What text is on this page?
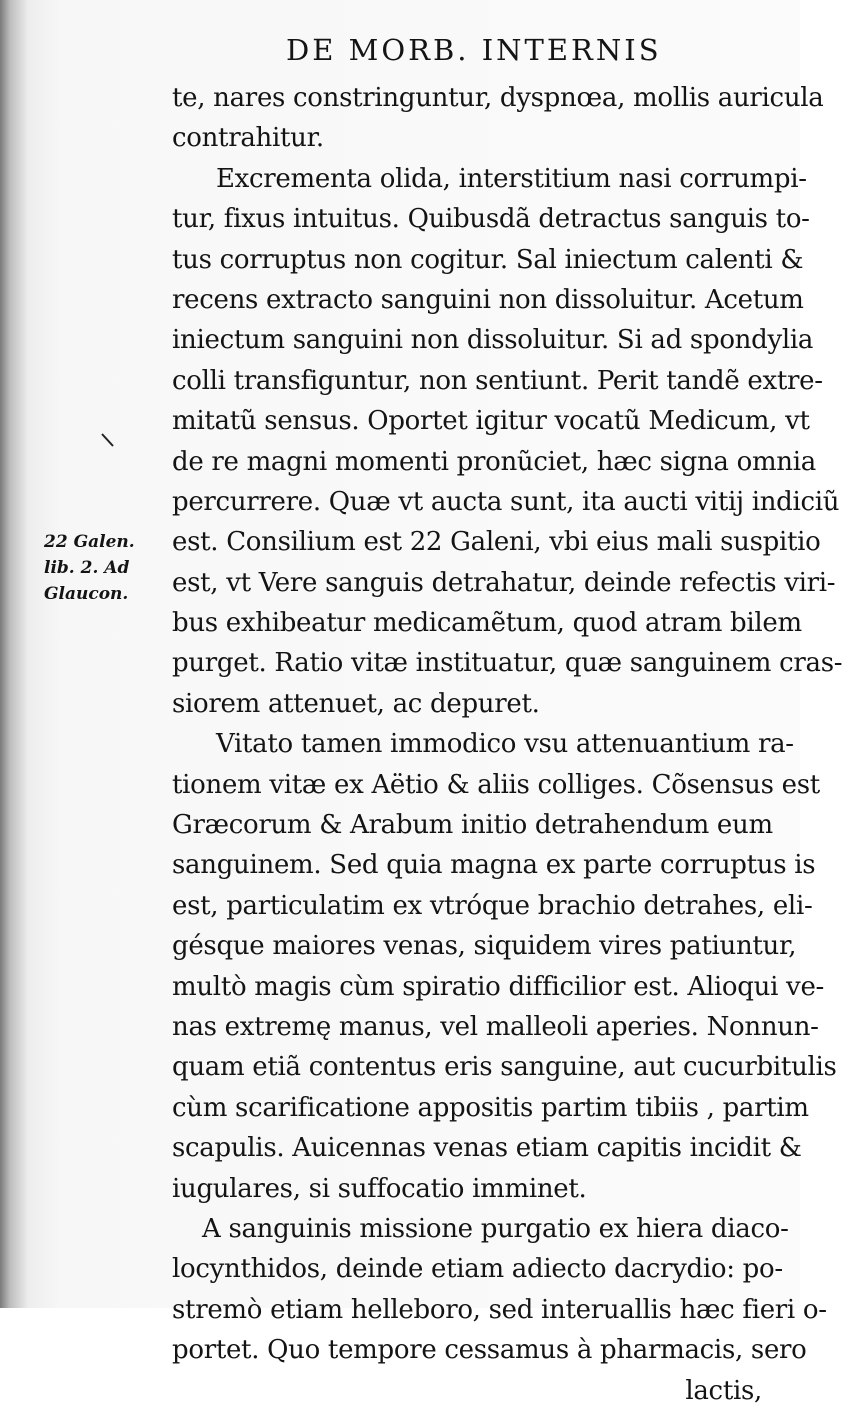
DE MORB. INTERNIS
22 Galen.
lib. 2. Ad
Glaucon.
te, nares constringuntur, dyspnœa, mollis auricula
contrahitur.
Excrementa olida, interstitium nasi corrumpi-
tur, fixus intuitus. Quibusdã detractus sanguis to-
tus corruptus non cogitur. Sal iniectum calenti &
recens extracto sanguini non dissoluitur. Acetum
iniectum sanguini non dissoluitur. Si ad spondylia
colli transfiguntur, non sentiunt. Perit tandẽ extre-
mitatũ sensus. Oportet igitur vocatũ Medicum, vt
de re magni momenti pronũciet, hæc signa omnia
percurrere. Quæ vt aucta sunt, ita aucti vitij indiciũ
est. Consilium est 22 Galeni, vbi eius mali suspitio
est, vt Vere sanguis detrahatur, deinde refectis viri-
bus exhibeatur medicamẽtum, quod atram bilem
purget. Ratio vitæ instituatur, quæ sanguinem cras-
siorem attenuet, ac depuret.
Vitato tamen immodico vsu attenuantium ra-
tionem vitæ ex Aëtio & aliis colliges. Cõsensus est
Græcorum & Arabum initio detrahendum eum
sanguinem. Sed quia magna ex parte corruptus is
est, particulatim ex vtróque brachio detrahes, eli-
gésque maiores venas, siquidem vires patiuntur,
multò magis cùm spiratio difficilior est. Alioqui ve-
nas extremę manus, vel malleoli aperies. Nonnun-
quam etiã contentus eris sanguine, aut cucurbitulis
cùm scarificatione appositis partim tibiis , partim
scapulis. Auicennas venas etiam capitis incidit &
iugulares, si suffocatio imminet.
A sanguinis missione purgatio ex hiera diaco-
locynthidos, deinde etiam adiecto dacrydio: po-
stremò etiam helleboro, sed interuallis hæc fieri o-
portet. Quo tempore cessamus à pharmacis, sero
lactis,
